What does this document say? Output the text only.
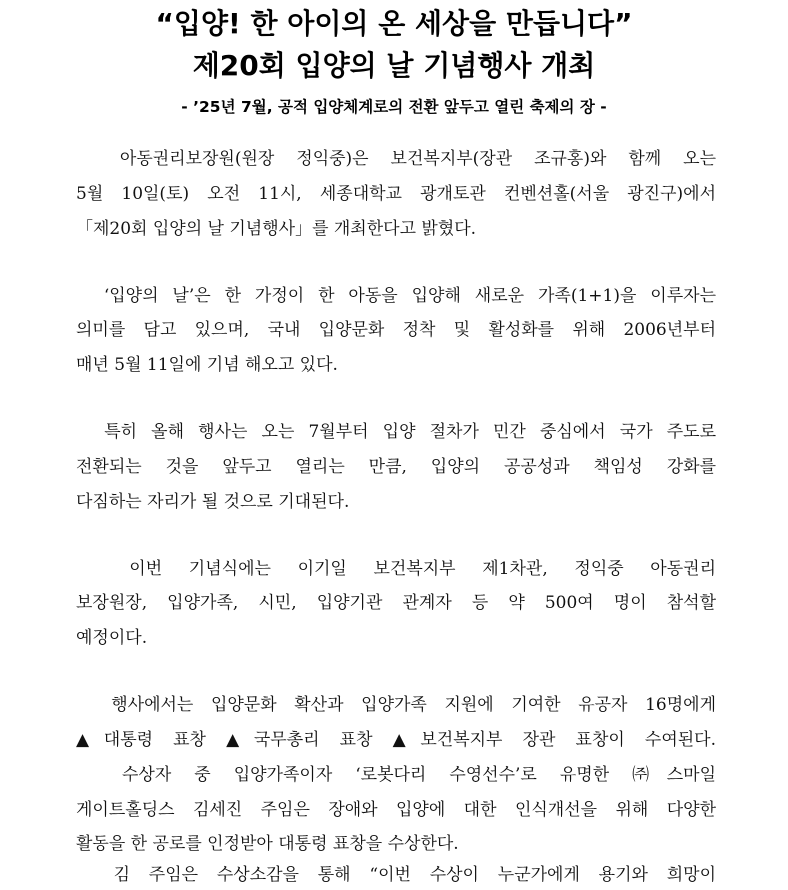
“입양! 한 아이의 온 세상을 만듭니다”
제20회 입양의 날 기념행사 개최

- ’25년 7월, 공적 입양체계로의 전환 앞두고 열린 축제의 장 -

아동권리보장원(원장 정익중)은 보건복지부(장관 조규홍)와 함께 오는

5월 10일(토) 오전 11시, 세종대학교 광개토관 컨벤션홀(서울 광진구)에서

「제20회 입양의 날 기념행사」를 개최한다고 밝혔다.

‘입양의 날’은 한 가정이 한 아동을 입양해 새로운 가족(1+1)을 이루자는

의미를 담고 있으며, 국내 입양문화 정착 및 활성화를 위해 2006년부터

매년 5월 11일에 기념 해오고 있다.

특히 올해 행사는 오는 7월부터 입양 절차가 민간 중심에서 국가 주도로

전환되는 것을 앞두고 열리는 만큼, 입양의 공공성과 책임성 강화를

다짐하는 자리가 될 것으로 기대된다.

이번 기념식에는 이기일 보건복지부 제1차관, 정익중 아동권리

보장원장, 입양가족, 시민, 입양기관 관계자 등 약 500여 명이 참석할

예정이다.

행사에서는 입양문화 확산과 입양가족 지원에 기여한 유공자 16명에게

▲대통령 표창 ▲국무총리 표창 ▲보건복지부 장관 표창이 수여된다.

수상자 중 입양가족이자 ‘로봇다리 수영선수’로 유명한 ㈜스마일

게이트홀딩스 김세진 주임은 장애와 입양에 대한 인식개선을 위해 다양한

활동을 한 공로를 인정받아 대통령 표창을 수상한다.

김 주임은 수상소감을 통해 “이번 수상이 누군가에게 용기와 희망이
